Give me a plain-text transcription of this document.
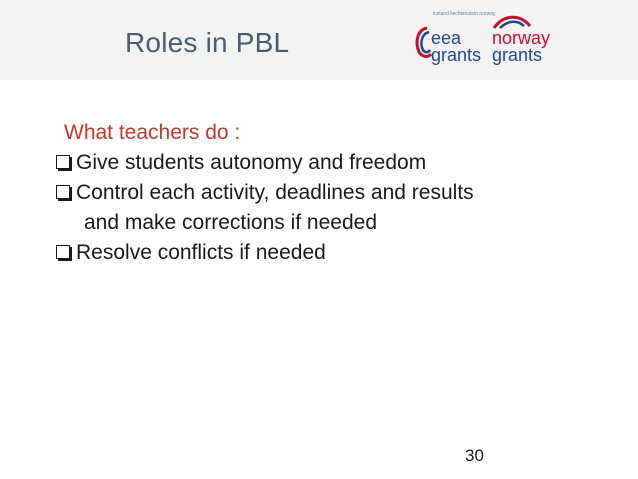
Roles in PBL
iceland liechtenstein norway
eea
grants
norway
grants
What teachers do :
Give students autonomy and freedom
Control each activity, deadlines and results
and make corrections if needed
Resolve conflicts if needed
30
